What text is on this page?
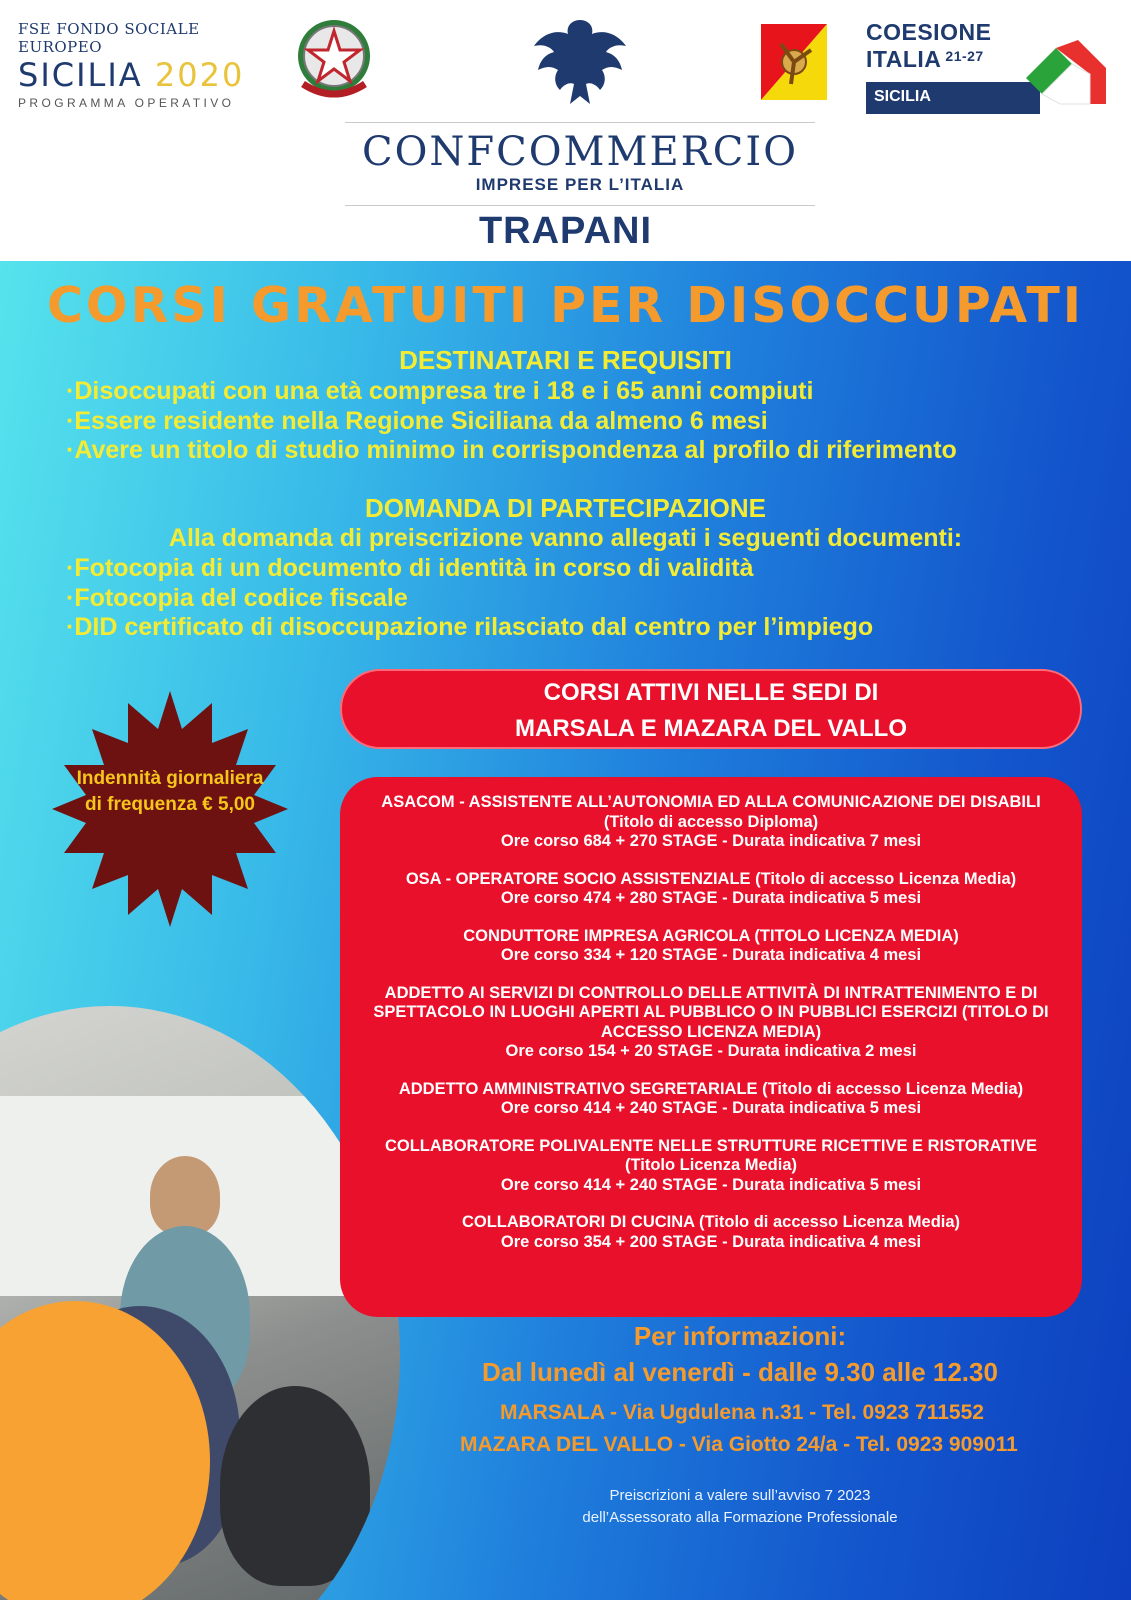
FSE FONDO SOCIALE EUROPEO
SICILIA 2020
PROGRAMMA OPERATIVO
COESIONE
ITALIA $^{21-27}$
SICILIA
CONFCOMMERCIO
IMPRESE PER L’ITALIA
TRAPANI
CORSI GRATUITI PER DISOCCUPATI
DESTINATARI E REQUISITI
· Disoccupati con una età compresa tre i 18 e i 65 anni compiuti
· Essere residente nella Regione Siciliana da almeno 6 mesi
· Avere un titolo di studio minimo in corrispondenza al profilo di riferimento
DOMANDA DI PARTECIPAZIONE
Alla domanda di preiscrizione vanno allegati i seguenti documenti:
· Fotocopia di un documento di identità in corso di validità
· Fotocopia del codice fiscale
· DID certificato di disoccupazione rilasciato dal centro per l’impiego
CORSI ATTIVI NELLE SEDI DI
MARSALA E MAZARA DEL VALLO
Indennità giornaliera di frequenza € 5,00	ASACOM - ASSISTENTE ALL’AUTONOMIA ED ALLA COMUNICAZIONE DEI DISABILI
(Titolo di accesso Diploma)
Ore corso 684 + 270 STAGE - Durata indicativa 7 mesi
OSA - OPERATORE SOCIO ASSISTENZIALE (Titolo di accesso Licenza Media)
Ore corso 474 + 280 STAGE - Durata indicativa 5 mesi
CONDUTTORE IMPRESA AGRICOLA (TITOLO LICENZA MEDIA)
Ore corso 334 + 120 STAGE - Durata indicativa 4 mesi
ADDETTO AI SERVIZI DI CONTROLLO DELLE ATTIVITÀ DI INTRATTENIMENTO E DI SPETTACOLO IN LUOGHI APERTI AL PUBBLICO O IN PUBBLICI ESERCIZI (TITOLO DI ACCESSO LICENZA MEDIA)
Ore corso 154 + 20 STAGE - Durata indicativa 2 mesi
ADDETTO AMMINISTRATIVO SEGRETARIALE (Titolo di accesso Licenza Media)
Ore corso 414 + 240 STAGE - Durata indicativa 5 mesi
COLLABORATORE POLIVALENTE NELLE STRUTTURE RICETTIVE E RISTORATIVE
(Titolo Licenza Media)
Ore corso 414 + 240 STAGE - Durata indicativa 5 mesi
COLLABORATORI DI CUCINA (Titolo di accesso Licenza Media)
Ore corso 354 + 200 STAGE - Durata indicativa 4 mesi
Per informazioni:
Dal lunedì al venerdì - dalle 9.30 alle 12.30
MARSALA - Via Ugdulena n.31 - Tel. 0923 711552
MAZARA DEL VALLO - Via Giotto 24/a - Tel. 0923 909011
Preiscrizioni a valere sull’avviso 7 2023
dell’Assessorato alla Formazione Professionale
